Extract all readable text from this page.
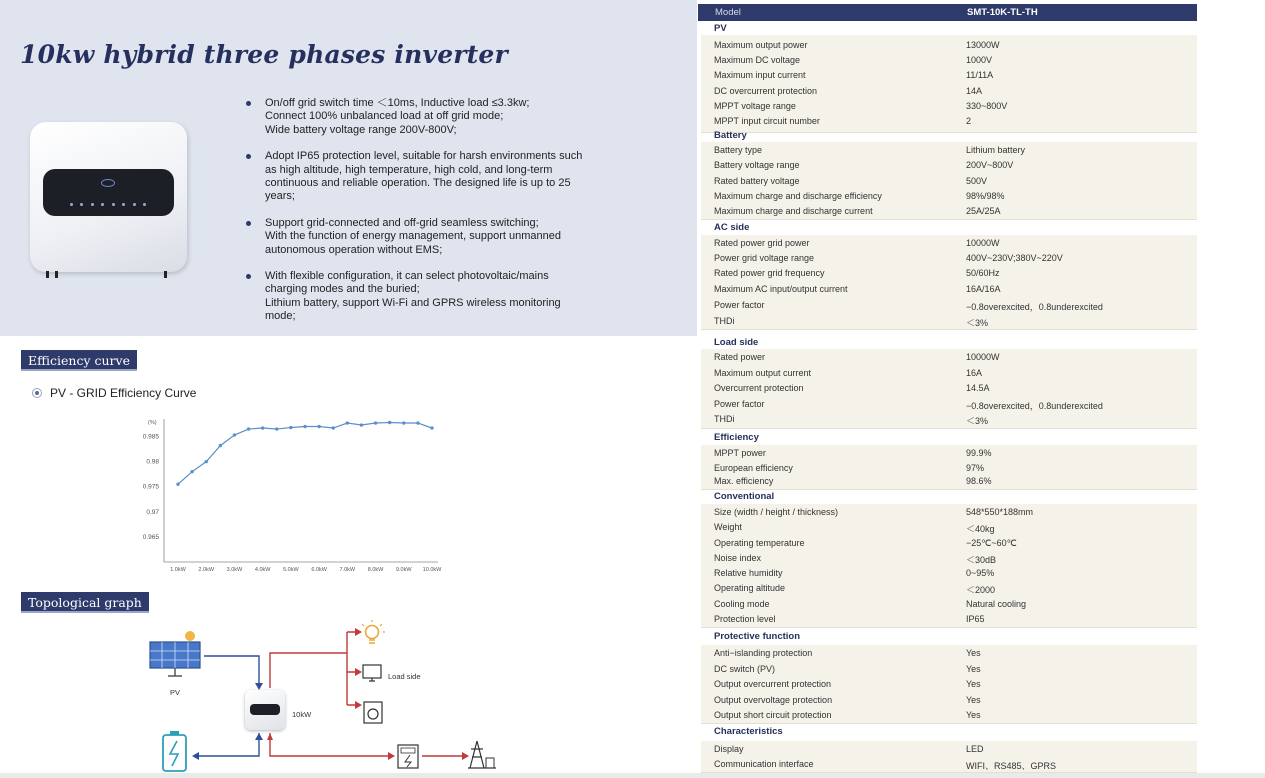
10kw hybrid three phases inverter
On/off grid switch time ＜10ms, Inductive load ≤3.3kw;
Connect 100% unbalanced load at off grid mode;
Wide battery voltage range 200V-800V;
Adopt IP65 protection level, suitable for harsh environments such
as high altitude, high temperature, high cold, and long-term
continuous and reliable operation. The designed life is up to 25
years;
Support grid-connected and off-grid seamless switching;
With the function of energy management, support unmanned
autonomous operation without EMS;
With flexible configuration, it can select photovoltaic/mains
charging modes and the buried;
Lithium battery, support Wi-Fi and GPRS wireless monitoring
mode;
Efficiency curve
PV - GRID Efficiency Curve
(%)
0.985
0.98
0.975
0.97
0.965
1.0kW 2.0kW 3.0kW 4.0kW 5.0kW 6.0kW 7.0kW 8.0kW 9.0kW 10.0kW
Topological graph
PV
Load side
10kW
Model	SMT-10K-TL-TH
PV
Maximum output power	13000W
Maximum DC voltage	1000V
Maximum input current	11/11A
DC overcurrent protection	14A
MPPT voltage range	330~800V
MPPT input circuit number	2
Battery
Battery type	Lithium battery
Battery voltage range	200V~800V
Rated battery voltage	500V
Maximum charge and discharge efficiency	98%/98%
Maximum charge and discharge current	25A/25A
AC side
Rated power grid power	10000W
Power grid voltage range	400V~230V;380V~220V
Rated power grid frequency	50/60Hz
Maximum AC input/output current	16A/16A
Power factor	−0.8overexcited，0.8underexcited
THDi	＜3%
Load side
Rated power	10000W
Maximum output current	16A
Overcurrent protection	14.5A
Power factor	−0.8overexcited，0.8underexcited
THDi	＜3%
Efficiency
MPPT power	99.9%
European efficiency	97%
Max. efficiency	98.6%
Conventional
Size (width / height / thickness)	548*550*188mm
Weight	＜40kg
Operating temperature	−25℃~60℃
Noise index	＜30dB
Relative humidity	0~95%
Operating altitude	＜2000
Cooling mode	Natural cooling
Protection level	IP65
Protective function
Anti−islanding protection	Yes
DC switch (PV)	Yes
Output overcurrent protection	Yes
Output overvoltage protection	Yes
Output short circuit protection	Yes
Characteristics
Display	LED
Communication interface	WIFI、RS485、GPRS
